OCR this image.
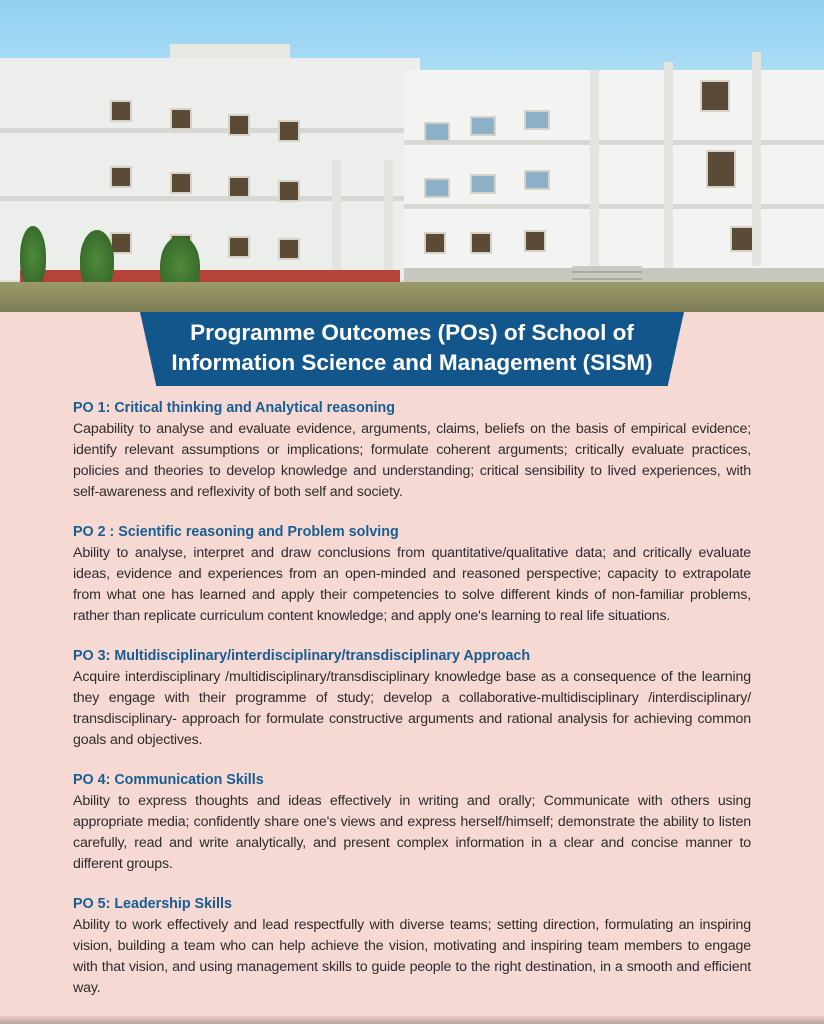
Programme Outcomes (POs) of School of
Information Science and Management (SISM)

PO 1: Critical thinking and Analytical reasoning

Capability to analyse and evaluate evidence, arguments, claims, beliefs on the basis of empirical evidence; identify relevant assumptions or implications; formulate coherent arguments; critically evaluate practices, policies and theories to develop knowledge and understanding; critical sensibility to lived experiences, with self-awareness and reflexivity of both self and society.

PO 2 : Scientific reasoning and Problem solving

Ability to analyse, interpret and draw conclusions from quantitative/qualitative data; and critically evaluate ideas, evidence and experiences from an open-minded and reasoned perspective; capacity to extrapolate from what one has learned and apply their competencies to solve different kinds of non-familiar problems, rather than replicate curriculum content knowledge; and apply one's learning to real life situations.

PO 3: Multidisciplinary/interdisciplinary/transdisciplinary Approach

Acquire interdisciplinary /multidisciplinary/transdisciplinary knowledge base as a consequence of the learning they engage with their programme of study; develop a collaborative-multidisciplinary /interdisciplinary/ transdisciplinary- approach for formulate constructive arguments and rational analysis for achieving common goals and objectives.

PO 4: Communication Skills

Ability to express thoughts and ideas effectively in writing and orally; Communicate with others using appropriate media; confidently share one's views and express herself/himself; demonstrate the ability to listen carefully, read and write analytically, and present complex information in a clear and concise manner to different groups.

PO 5: Leadership Skills

Ability to work effectively and lead respectfully with diverse teams; setting direction, formulating an inspiring vision, building a team who can help achieve the vision, motivating and inspiring team members to engage with that vision, and using management skills to guide people to the right destination, in a smooth and efficient way.
